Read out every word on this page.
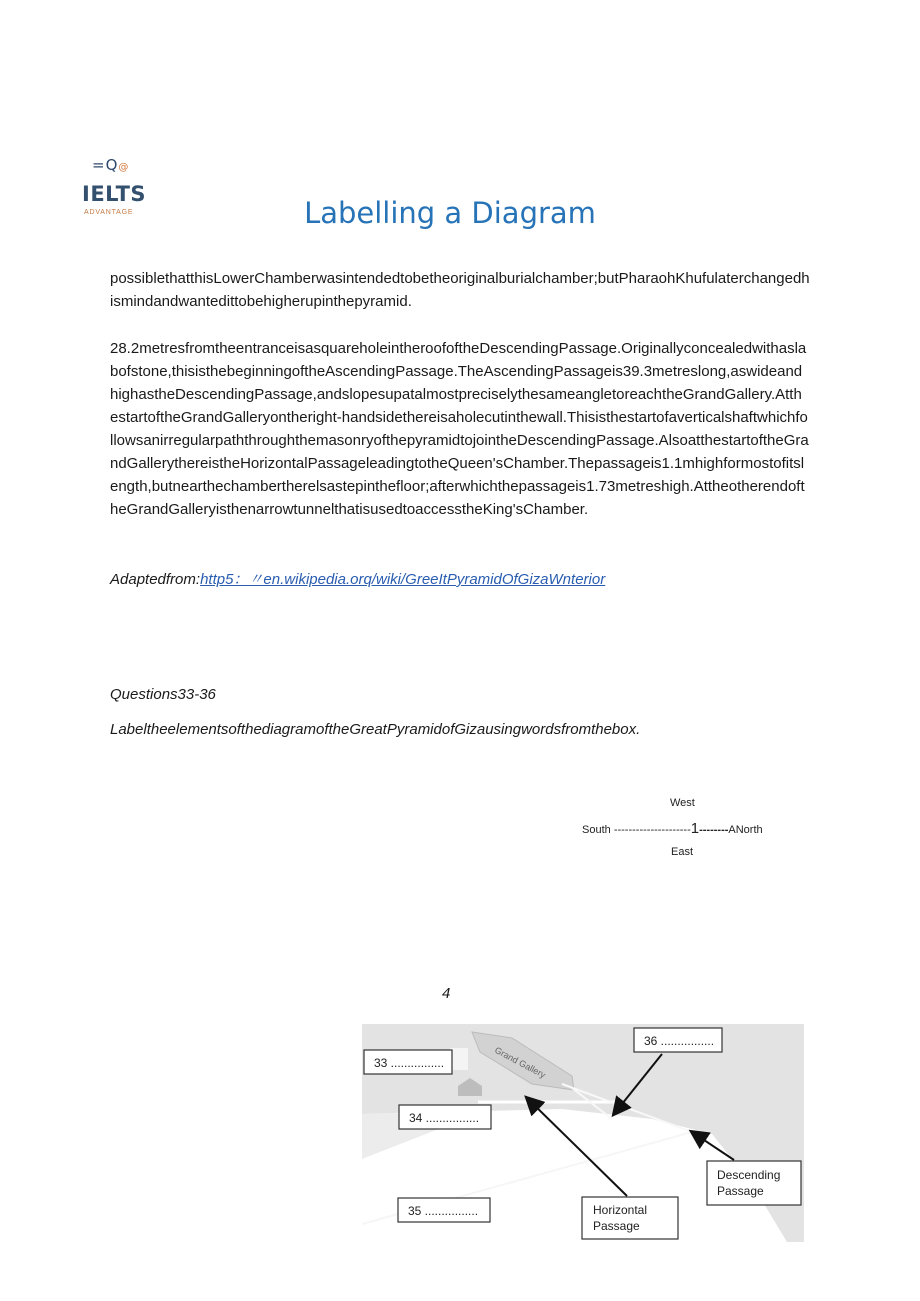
=Q@
IELTS
ADVANTAGE	Labelling a Diagram

possiblethatthisLowerChamberwasintendedtobetheoriginalburialchamber;butPharaohKhufulaterchangedhismindandwantedittobehigherupinthepyramid.

28.2metresfromtheentranceisasquareholeintheroofoftheDescendingPassage.Originallyconcealedwithaslabofstone,thisisthebeginningoftheAscendingPassage.TheAscendingPassageis39.3metreslong,aswideandhighastheDescendingPassage,andslopesupatalmostpreciselythesameangletoreachtheGrandGallery.AtthestartoftheGrandGalleryontheright-handsidethereisaholecutinthewall.ThisisthestartofaverticalshaftwhichfollowsanirregularpaththroughthemasonryofthepyramidtojointheDescendingPassage.AlsoatthestartoftheGrandGallerythereistheHorizontalPassageleadingtotheQueen'sChamber.Thepassageis1.1mhighformostofitslength,butnearthechambertherelsastepinthefloor;afterwhichthepassageis1.73metreshigh.AttheotherendoftheGrandGalleryisthenarrowtunnelthatisusedtoaccesstheKing'sChamber.

Adaptedfrom:http5：〃en.wikipedia.orq/wiki/GreeItPyramidOfGizaWnterior
Questions33-36
LabeltheelementsofthediagramoftheGreatPyramidofGizausingwordsfromthebox.
West
South ---------------------1--------ANorth
East
4
Grand Gallery
33 ................
34 ................
35 ................
36 ................
Horizontal
Passage
Descending
Passage
